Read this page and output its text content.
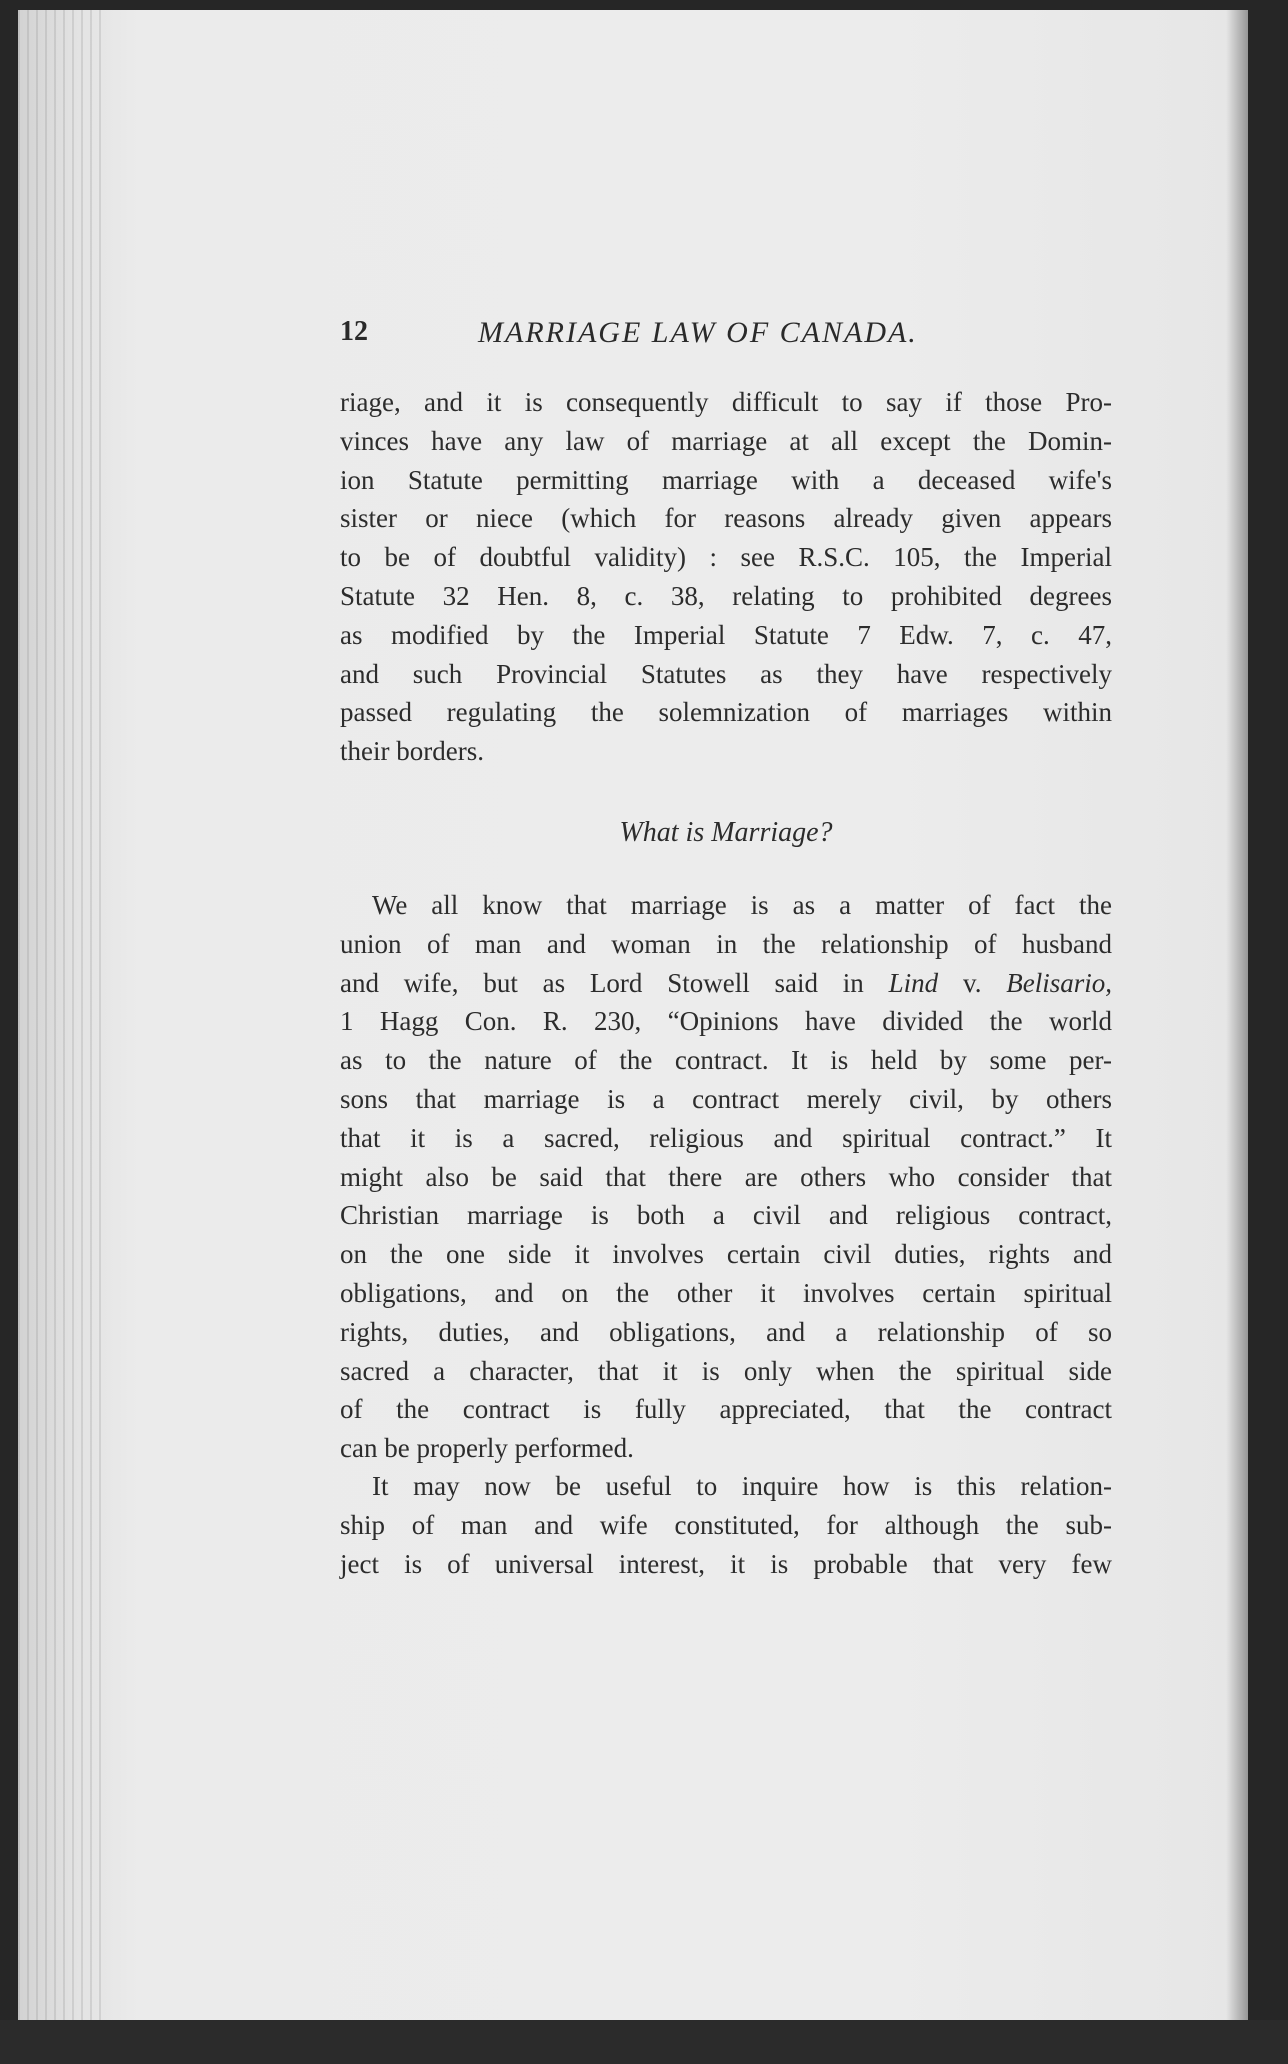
12	MARRIAGE LAW OF CANADA.
riage, and it is consequently difficult to say if those Pro-
vinces have any law of marriage at all except the Domin-
ion Statute permitting marriage with a deceased wife's
sister or niece (which for reasons already given appears
to be of doubtful validity) : see R.S.C. 105, the Imperial
Statute 32 Hen. 8, c. 38, relating to prohibited degrees
as modified by the Imperial Statute 7 Edw. 7, c. 47,
and such Provincial Statutes as they have respectively
passed regulating the solemnization of marriages within
their borders.
What is Marriage?
We all know that marriage is as a matter of fact the
union of man and woman in the relationship of husband
and wife, but as Lord Stowell said in Lind v. Belisario,
1 Hagg Con. R. 230, “Opinions have divided the world
as to the nature of the contract. It is held by some per-
sons that marriage is a contract merely civil, by others
that it is a sacred, religious and spiritual contract.” It
might also be said that there are others who consider that
Christian marriage is both a civil and religious contract,
on the one side it involves certain civil duties, rights and
obligations, and on the other it involves certain spiritual
rights, duties, and obligations, and a relationship of so
sacred a character, that it is only when the spiritual side
of the contract is fully appreciated, that the contract
can be properly performed.
It may now be useful to inquire how is this relation-
ship of man and wife constituted, for although the sub-
ject is of universal interest, it is probable that very few
